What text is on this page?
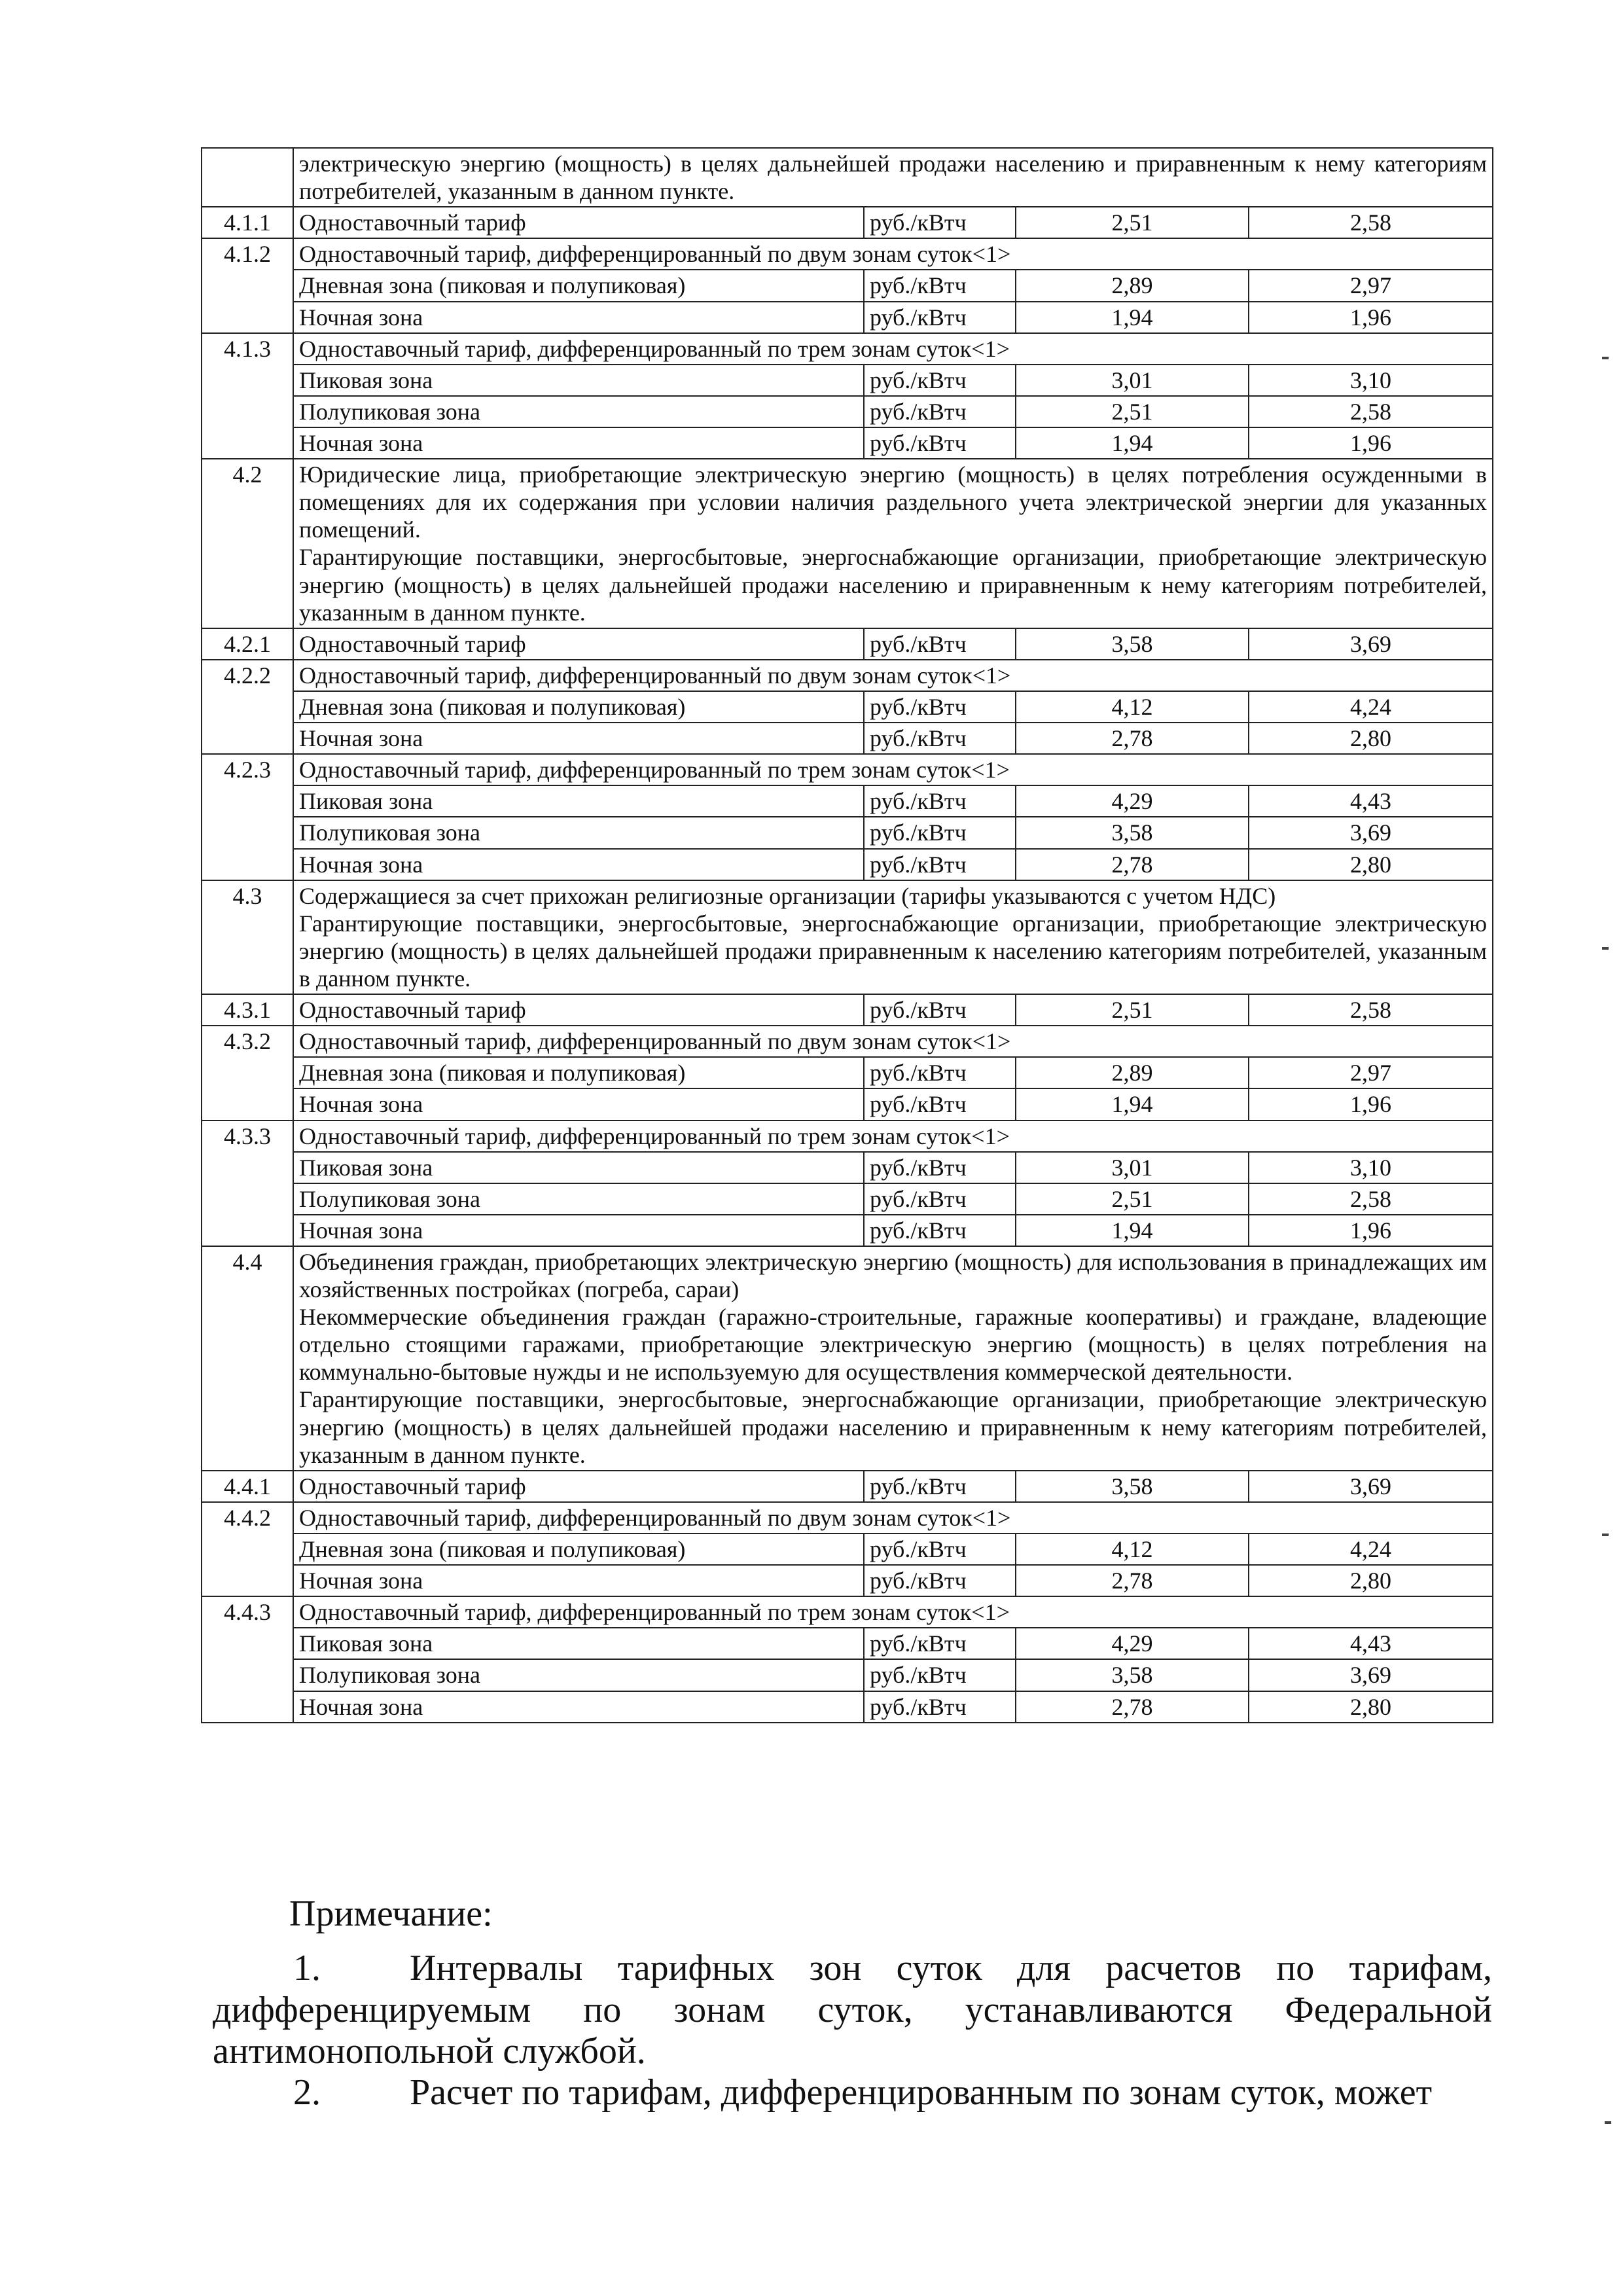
	электрическую энергию (мощность) в целях дальнейшей продажи населению и приравненным к нему категориям потребителей, указанным в данном пункте.			

4.1.1	Одноставочный тариф	руб./кВтч	2,51	2,58
4.1.2	Одноставочный тариф, дифференцированный по двум зонам суток<1>			
	Дневная зона (пиковая и полупиковая)	руб./кВтч	2,89	2,97
	Ночная зона	руб./кВтч	1,94	1,96
4.1.3	Одноставочный тариф, дифференцированный по трем зонам суток<1>			
	Пиковая зона	руб./кВтч	3,01	3,10
	Полупиковая зона	руб./кВтч	2,51	2,58
	Ночная зона	руб./кВтч	1,94	1,96
4.2	Юридические лица, приобретающие электрическую энергию (мощность) в целях потребления осужденными в помещениях для их содержания при условии наличия раздельного учета электрической энергии для указанных помещений.
Гарантирующие поставщики, энергосбытовые, энергоснабжающие организации, приобретающие электрическую энергию (мощность) в целях дальнейшей продажи населению и приравненным к нему категориям потребителей, указанным в данном пункте.			

4.2.1	Одноставочный тариф	руб./кВтч	3,58	3,69
4.2.2	Одноставочный тариф, дифференцированный по двум зонам суток<1>			
	Дневная зона (пиковая и полупиковая)	руб./кВтч	4,12	4,24
	Ночная зона	руб./кВтч	2,78	2,80
4.2.3	Одноставочный тариф, дифференцированный по трем зонам суток<1>			
	Пиковая зона	руб./кВтч	4,29	4,43
	Полупиковая зона	руб./кВтч	3,58	3,69
	Ночная зона	руб./кВтч	2,78	2,80
4.3	Содержащиеся за счет прихожан религиозные организации (тарифы указываются с учетом НДС)
Гарантирующие поставщики, энергосбытовые, энергоснабжающие организации, приобретающие электрическую энергию (мощность) в целях дальнейшей продажи приравненным к населению категориям потребителей, указанным в данном пункте.			

4.3.1	Одноставочный тариф	руб./кВтч	2,51	2,58
4.3.2	Одноставочный тариф, дифференцированный по двум зонам суток<1>			
	Дневная зона (пиковая и полупиковая)	руб./кВтч	2,89	2,97
	Ночная зона	руб./кВтч	1,94	1,96
4.3.3	Одноставочный тариф, дифференцированный по трем зонам суток<1>			
	Пиковая зона	руб./кВтч	3,01	3,10
	Полупиковая зона	руб./кВтч	2,51	2,58
	Ночная зона	руб./кВтч	1,94	1,96
4.4	Объединения граждан, приобретающих электрическую энергию (мощность) для использования в принадлежащих им хозяйственных постройках (погреба, сараи)
Некоммерческие объединения граждан (гаражно-строительные, гаражные кооперативы) и граждане, владеющие отдельно стоящими гаражами, приобретающие электрическую энергию (мощность) в целях потребления на коммунально-бытовые нужды и не используемую для осуществления коммерческой деятельности.
Гарантирующие поставщики, энергосбытовые, энергоснабжающие организации, приобретающие электрическую энергию (мощность) в целях дальнейшей продажи населению и приравненным к нему категориям потребителей, указанным в данном пункте.			

4.4.1	Одноставочный тариф	руб./кВтч	3,58	3,69
4.4.2	Одноставочный тариф, дифференцированный по двум зонам суток<1>			
	Дневная зона (пиковая и полупиковая)	руб./кВтч	4,12	4,24
	Ночная зона	руб./кВтч	2,78	2,80
4.4.3	Одноставочный тариф, дифференцированный по трем зонам суток<1>			
	Пиковая зона	руб./кВтч	4,29	4,43
	Полупиковая зона	руб./кВтч	3,58	3,69
	Ночная зона	руб./кВтч	2,78	2,80
Примечание:
1. Интервалы тарифных зон суток для расчетов по тарифам, дифференцируемым по зонам суток, устанавливаются Федеральной антимонопольной службой.
2. Расчет по тарифам, дифференцированным по зонам суток, может
